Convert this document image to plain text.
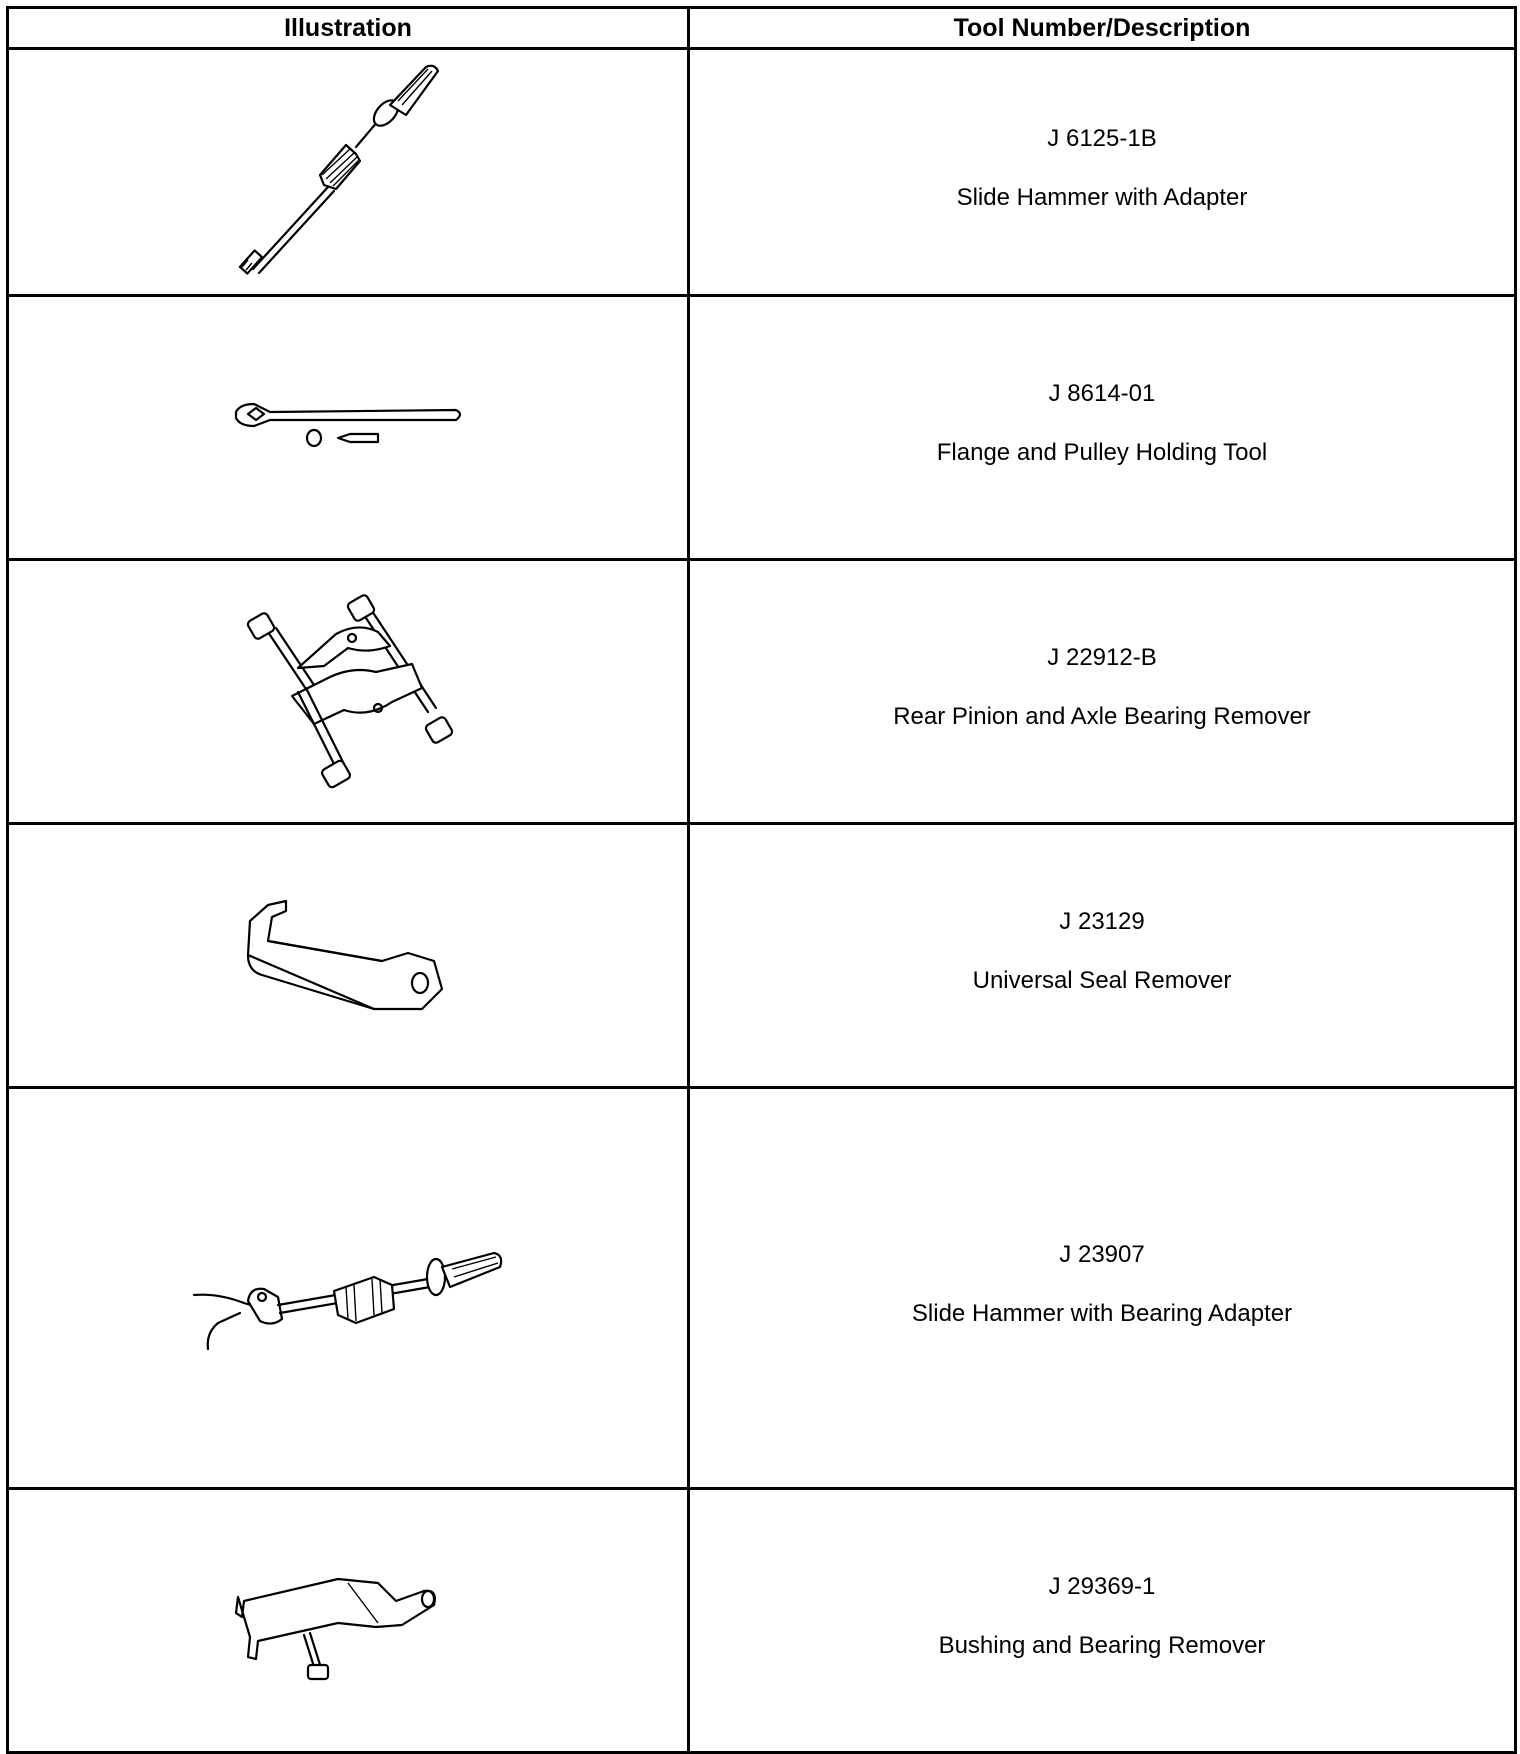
Illustration	Tool Number/Description

J 6125-1B
Slide Hammer with Adapter

J 8614-01
Flange and Pulley Holding Tool

J 22912-B
Rear Pinion and Axle Bearing Remover

J 23129
Universal Seal Remover

J 23907
Slide Hammer with Bearing Adapter

J 29369-1
Bushing and Bearing Remover
